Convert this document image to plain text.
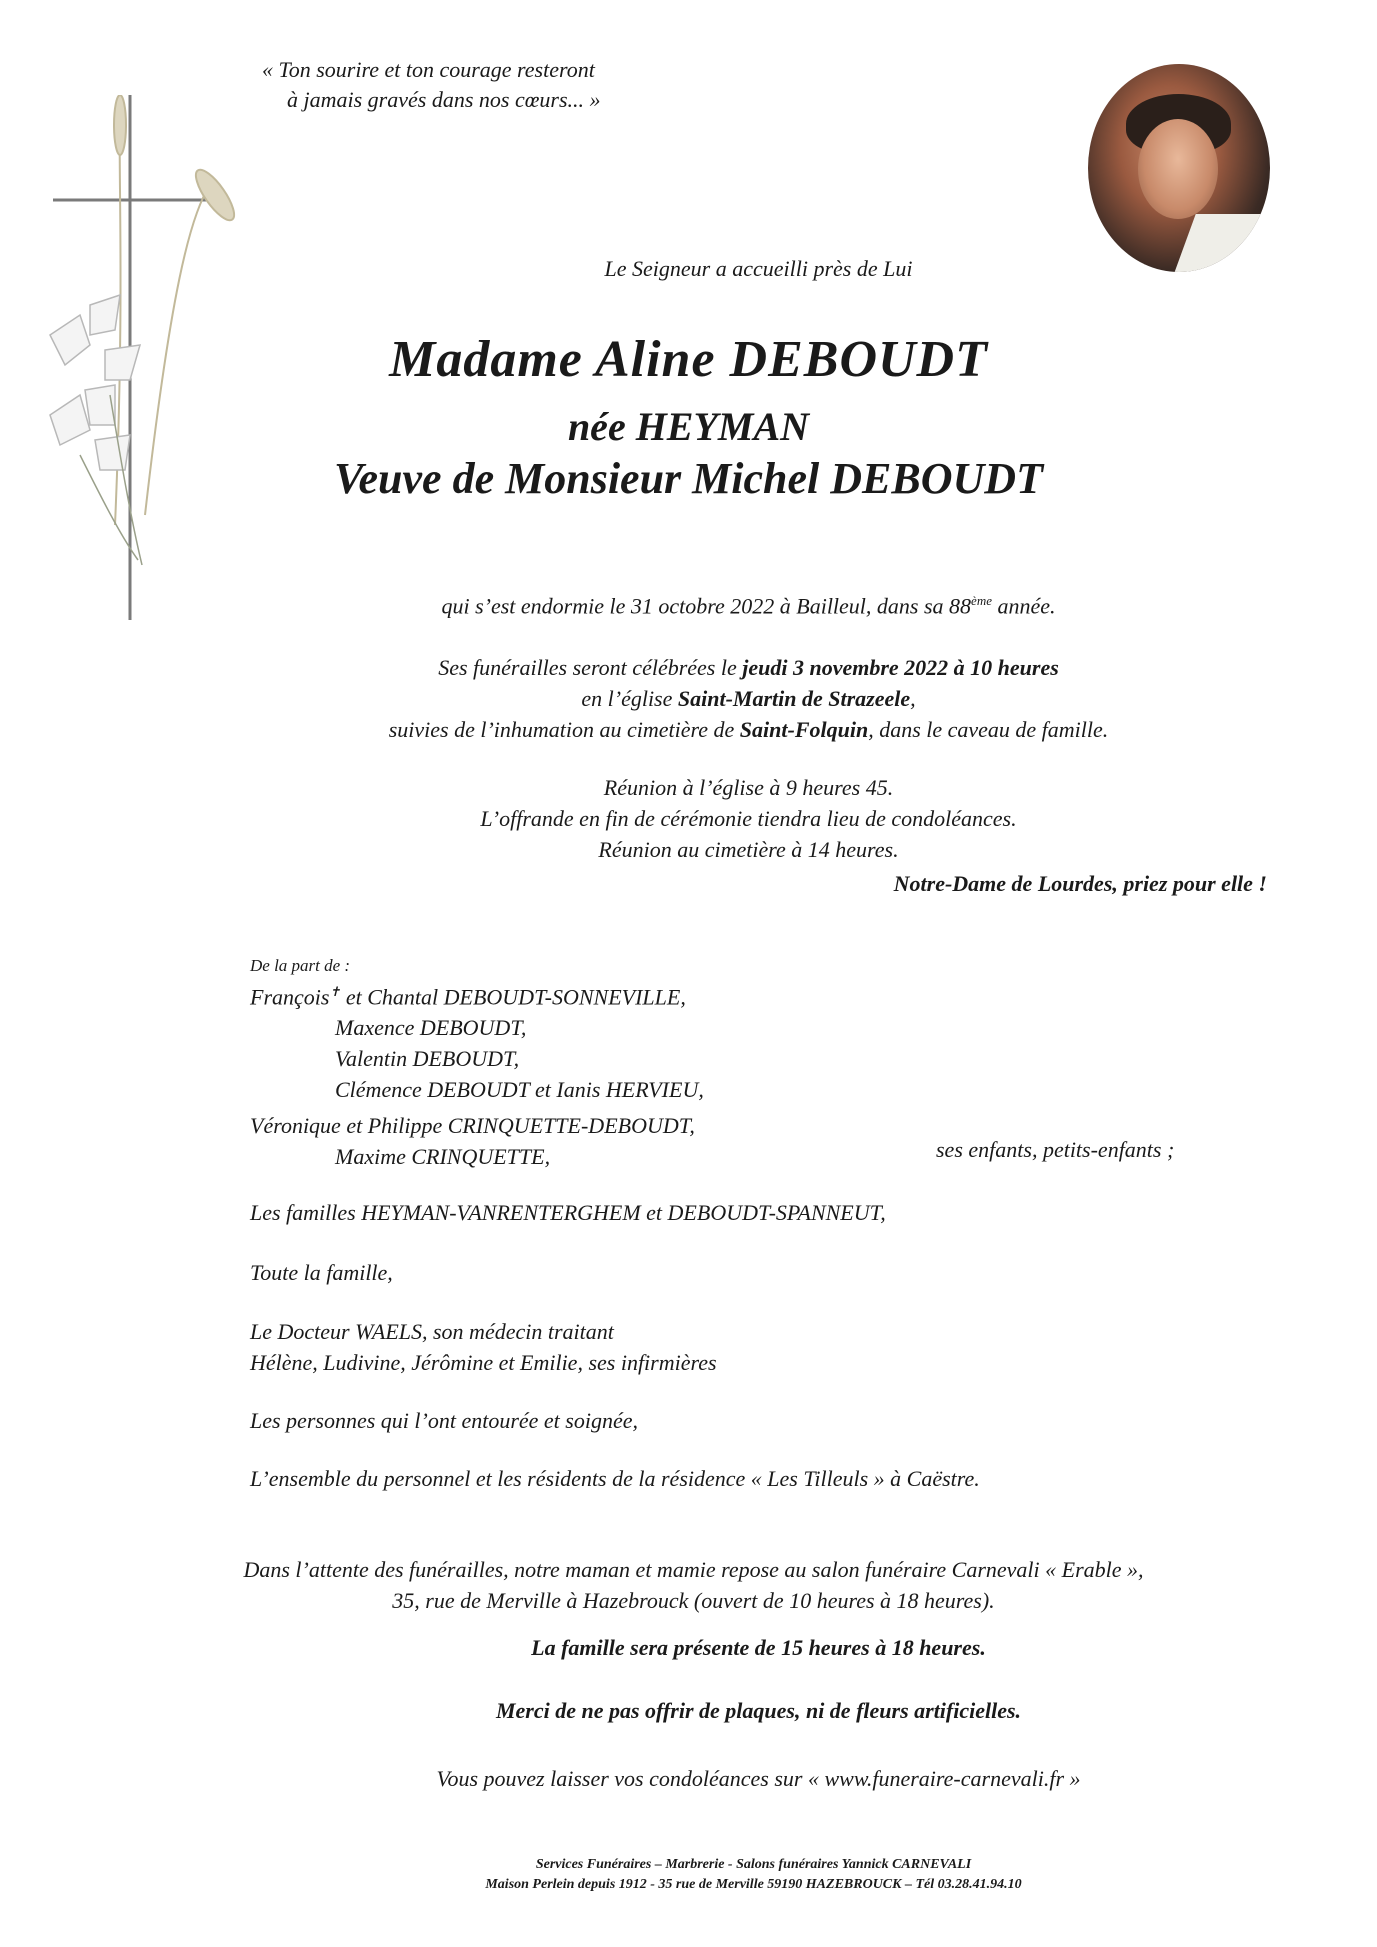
« Ton sourire et ton courage resteront
à jamais gravés dans nos cœurs... »
Le Seigneur a accueilli près de Lui
Madame Aline DEBOUDT
née HEYMAN
Veuve de Monsieur Michel DEBOUDT
qui s’est endormie le 31 octobre 2022 à Bailleul, dans sa 88ème année.
Ses funérailles seront célébrées le jeudi 3 novembre 2022 à 10 heures
en l’église Saint-Martin de Strazeele,
suivies de l’inhumation au cimetière de Saint-Folquin, dans le caveau de famille.
Réunion à l’église à 9 heures 45.
L’offrande en fin de cérémonie tiendra lieu de condoléances.
Réunion au cimetière à 14 heures.
Notre-Dame de Lourdes, priez pour elle !
De la part de :
François✝ et Chantal DEBOUDT-SONNEVILLE,
Maxence DEBOUDT,
Valentin DEBOUDT,
Clémence DEBOUDT et Ianis HERVIEU,
Véronique et Philippe CRINQUETTE-DEBOUDT,
Maxime CRINQUETTE,	ses enfants, petits-enfants ;
Les familles HEYMAN-VANRENTERGHEM et DEBOUDT-SPANNEUT,
Toute la famille,
Le Docteur WAELS, son médecin traitant
Hélène, Ludivine, Jérômine et Emilie, ses infirmières
Les personnes qui l’ont entourée et soignée,
L’ensemble du personnel et les résidents de la résidence « Les Tilleuls » à Caëstre.
Dans l’attente des funérailles, notre maman et mamie repose au salon funéraire Carnevali « Erable »,
35, rue de Merville à Hazebrouck (ouvert de 10 heures à 18 heures).
La famille sera présente de 15 heures à 18 heures.
Merci de ne pas offrir de plaques, ni de fleurs artificielles.
Vous pouvez laisser vos condoléances sur « www.funeraire-carnevali.fr »
Services Funéraires – Marbrerie - Salons funéraires Yannick CARNEVALI
Maison Perlein depuis 1912 - 35 rue de Merville 59190 HAZEBROUCK – Tél 03.28.41.94.10
